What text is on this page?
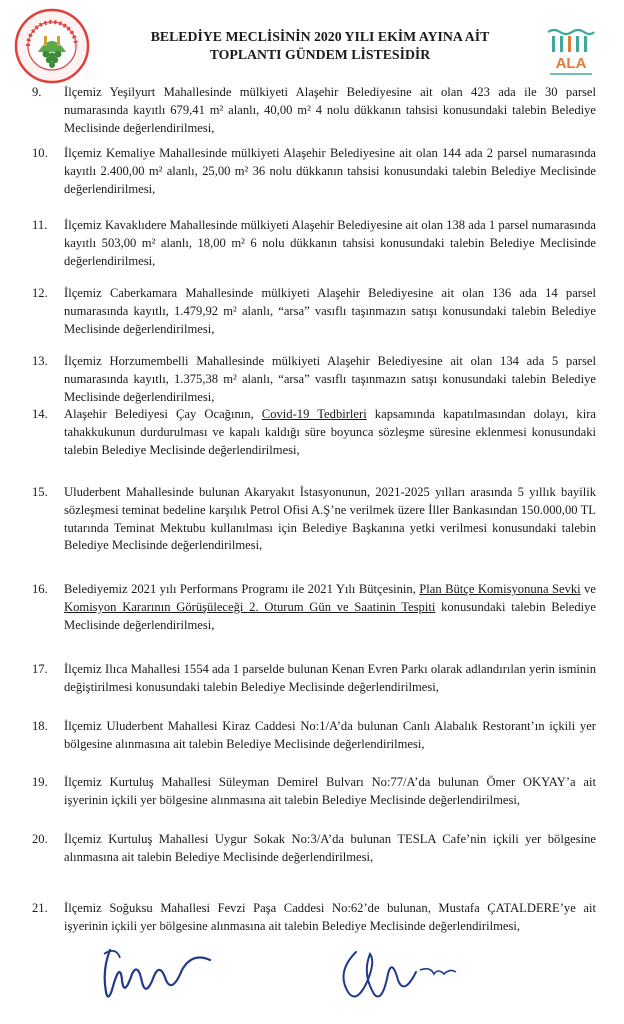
ALA
BELEDİYE MECLİSİNİN 2020 YILI EKİM AYINA AİT
TOPLANTI GÜNDEM LİSTESİDİR
9.	İlçemiz Yeşilyurt Mahallesinde mülkiyeti Alaşehir Belediyesine ait olan 423 ada ile 30 parsel numarasında kayıtlı 679,41 m² alanlı, 40,00 m² 4 nolu dükkanın tahsisi konusundaki talebin Belediye Meclisinde değerlendirilmesi,
10.	İlçemiz Kemaliye Mahallesinde mülkiyeti Alaşehir Belediyesine ait olan 144 ada 2 parsel numarasında kayıtlı 2.400,00 m² alanlı, 25,00 m² 36 nolu dükkanın tahsisi konusundaki talebin Belediye Meclisinde değerlendirilmesi,
11.	İlçemiz Kavaklıdere Mahallesinde mülkiyeti Alaşehir Belediyesine ait olan 138 ada 1 parsel numarasında kayıtlı 503,00 m² alanlı, 18,00 m² 6 nolu dükkanın tahsisi konusundaki talebin Belediye Meclisinde değerlendirilmesi,
12.	İlçemiz Caberkamara Mahallesinde mülkiyeti Alaşehir Belediyesine ait olan 136 ada 14 parsel numarasında kayıtlı, 1.479,92 m² alanlı, “arsa” vasıflı taşınmazın satışı konusundaki talebin Belediye Meclisinde değerlendirilmesi,
13.	İlçemiz Horzumembelli Mahallesinde mülkiyeti Alaşehir Belediyesine ait olan 134 ada 5 parsel numarasında kayıtlı, 1.375,38 m² alanlı, “arsa” vasıflı taşınmazın satışı konusundaki talebin Belediye Meclisinde değerlendirilmesi,
14.	Alaşehir Belediyesi Çay Ocağının, Covid-19 Tedbirleri kapsamında kapatılmasından dolayı, kira tahakkukunun durdurulması ve kapalı kaldığı süre boyunca sözleşme süresine eklenmesi konusundaki talebin Belediye Meclisinde değerlendirilmesi,
15.	Uluderbent Mahallesinde bulunan Akaryakıt İstasyonunun, 2021-2025 yılları arasında 5 yıllık bayilik sözleşmesi teminat bedeline karşılık Petrol Ofisi A.Ş’ne verilmek üzere İller Bankasından 150.000,00 TL tutarında Teminat Mektubu kullanılması için Belediye Başkanına yetki verilmesi konusundaki talebin Belediye Meclisinde değerlendirilmesi,
16.	Belediyemiz 2021 yılı Performans Programı ile 2021 Yılı Bütçesinin, Plan Bütçe Komisyonuna Sevki ve Komisyon Kararının Görüşüleceği 2. Oturum Gün ve Saatinin Tespiti konusundaki talebin Belediye Meclisinde değerlendirilmesi,
17.	İlçemiz Ilıca Mahallesi 1554 ada 1 parselde bulunan Kenan Evren Parkı olarak adlandırılan yerin isminin değiştirilmesi konusundaki talebin Belediye Meclisinde değerlendirilmesi,
18.	İlçemiz Uluderbent Mahallesi Kiraz Caddesi No:1/A’da bulunan Canlı Alabalık Restorant’ın içkili yer bölgesine alınmasına ait talebin Belediye Meclisinde değerlendirilmesi,
19.	İlçemiz Kurtuluş Mahallesi Süleyman Demirel Bulvarı No:77/A’da bulunan Ömer OKYAY’a ait işyerinin içkili yer bölgesine alınmasına ait talebin Belediye Meclisinde değerlendirilmesi,
20.	İlçemiz Kurtuluş Mahallesi Uygur Sokak No:3/A’da bulunan TESLA Cafe’nin içkili yer bölgesine alınmasına ait talebin Belediye Meclisinde değerlendirilmesi,
21.	İlçemiz Soğuksu Mahallesi Fevzi Paşa Caddesi No:62’de bulunan, Mustafa ÇATALDERE’ye ait işyerinin içkili yer bölgesine alınmasına ait talebin Belediye Meclisinde değerlendirilmesi,
